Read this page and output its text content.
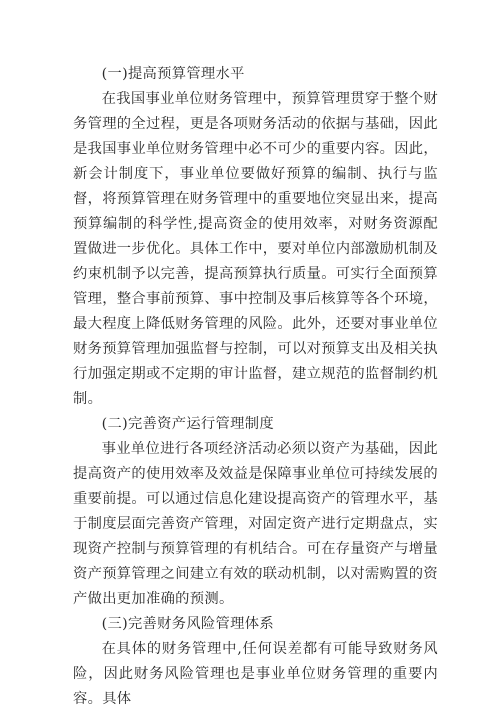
(一)提高预算管理水平

在我国事业单位财务管理中，预算管理贯穿于整个财务管理的全过程，更是各项财务活动的依据与基础，因此是我国事业单位财务管理中必不可少的重要内容。因此，新会计制度下，事业单位要做好预算的编制、执行与监督，将预算管理在财务管理中的重要地位突显出来，提高预算编制的科学性,提高资金的使用效率，对财务资源配置做进一步优化。具体工作中，要对单位内部激励机制及约束机制予以完善，提高预算执行质量。可实行全面预算管理，整合事前预算、事中控制及事后核算等各个环境，最大程度上降低财务管理的风险。此外，还要对事业单位财务预算管理加强监督与控制，可以对预算支出及相关执行加强定期或不定期的审计监督，建立规范的监督制约机制。

(二)完善资产运行管理制度

事业单位进行各项经济活动必须以资产为基础，因此提高资产的使用效率及效益是保障事业单位可持续发展的重要前提。可以通过信息化建设提高资产的管理水平，基于制度层面完善资产管理，对固定资产进行定期盘点，实现资产控制与预算管理的有机结合。可在存量资产与增量资产预算管理之间建立有效的联动机制，以对需购置的资产做出更加准确的预测。

(三)完善财务风险管理体系

在具体的财务管理中,任何误差都有可能导致财务风险，因此财务风险管理也是事业单位财务管理的重要内容。具体
